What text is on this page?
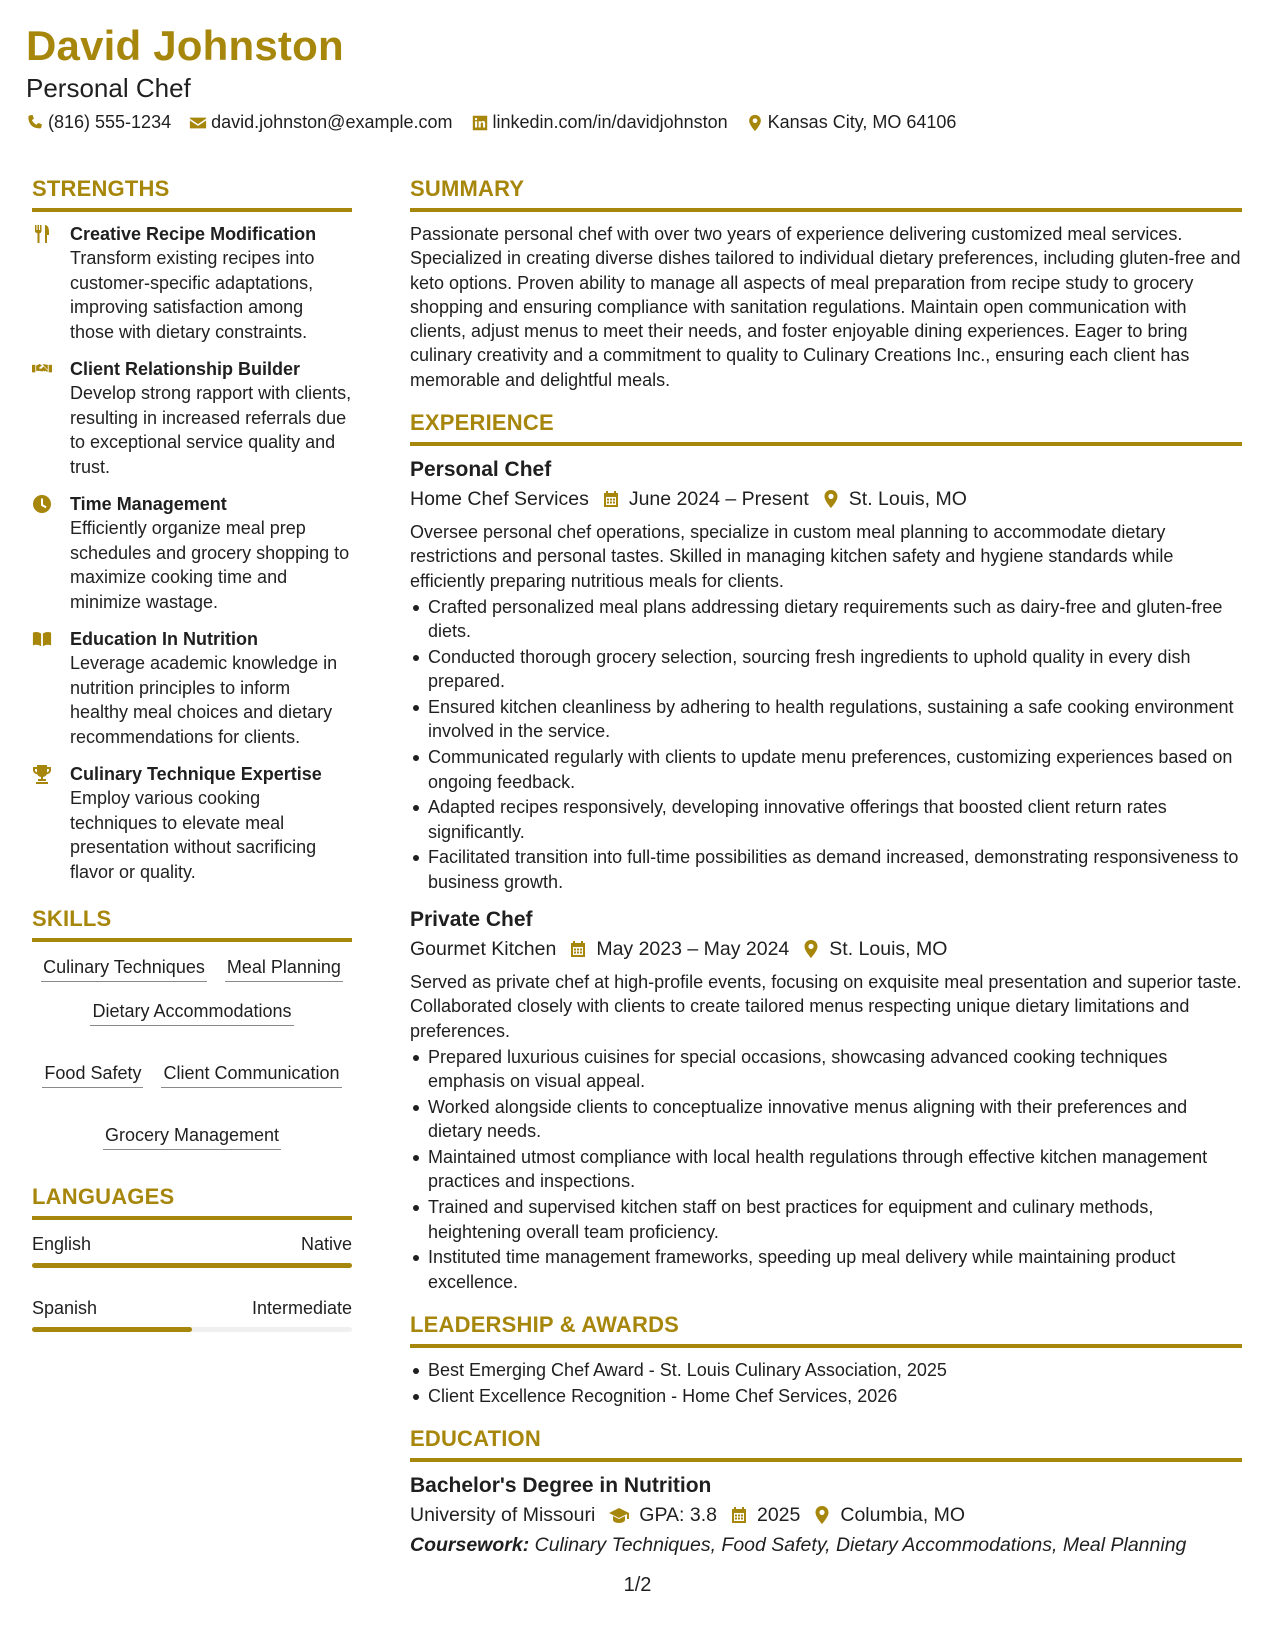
David Johnston
Personal Chef
(816) 555-1234 david.johnston@example.com linkedin.com/in/davidjohnston Kansas City, MO 64106
STRENGTHS
Creative Recipe Modification
Transform existing recipes into customer-specific adaptations, improving satisfaction among those with dietary constraints.
Client Relationship Builder
Develop strong rapport with clients, resulting in increased referrals due to exceptional service quality and trust.
Time Management
Efficiently organize meal prep schedules and grocery shopping to maximize cooking time and minimize wastage.
Education In Nutrition
Leverage academic knowledge in nutrition principles to inform healthy meal choices and dietary recommendations for clients.
Culinary Technique Expertise
Employ various cooking techniques to elevate meal presentation without sacrificing flavor or quality.
SKILLS
Culinary Techniques Meal Planning
Dietary Accommodations
Food Safety Client Communication
Grocery Management
LANGUAGES
English	Native
Spanish	Intermediate
SUMMARY
Passionate personal chef with over two years of experience delivering customized meal services. Specialized in creating diverse dishes tailored to individual dietary preferences, including gluten-free and keto options. Proven ability to manage all aspects of meal preparation from recipe study to grocery shopping and ensuring compliance with sanitation regulations. Maintain open communication with clients, adjust menus to meet their needs, and foster enjoyable dining experiences. Eager to bring culinary creativity and a commitment to quality to Culinary Creations Inc., ensuring each client has memorable and delightful meals.
EXPERIENCE
Personal Chef
Home Chef Services June 2024 – Present St. Louis, MO
Oversee personal chef operations, specialize in custom meal planning to accommodate dietary restrictions and personal tastes. Skilled in managing kitchen safety and hygiene standards while efficiently preparing nutritious meals for clients.
Crafted personalized meal plans addressing dietary requirements such as dairy-free and gluten-free diets.
Conducted thorough grocery selection, sourcing fresh ingredients to uphold quality in every dish prepared.
Ensured kitchen cleanliness by adhering to health regulations, sustaining a safe cooking environment involved in the service.
Communicated regularly with clients to update menu preferences, customizing experiences based on ongoing feedback.
Adapted recipes responsively, developing innovative offerings that boosted client return rates significantly.
Facilitated transition into full-time possibilities as demand increased, demonstrating responsiveness to business growth.
Private Chef
Gourmet Kitchen May 2023 – May 2024 St. Louis, MO
Served as private chef at high-profile events, focusing on exquisite meal presentation and superior taste. Collaborated closely with clients to create tailored menus respecting unique dietary limitations and preferences.
Prepared luxurious cuisines for special occasions, showcasing advanced cooking techniques emphasis on visual appeal.
Worked alongside clients to conceptualize innovative menus aligning with their preferences and dietary needs.
Maintained utmost compliance with local health regulations through effective kitchen management practices and inspections.
Trained and supervised kitchen staff on best practices for equipment and culinary methods, heightening overall team proficiency.
Instituted time management frameworks, speeding up meal delivery while maintaining product excellence.
LEADERSHIP & AWARDS
Best Emerging Chef Award - St. Louis Culinary Association, 2025
Client Excellence Recognition - Home Chef Services, 2026
EDUCATION
Bachelor's Degree in Nutrition
University of Missouri GPA: 3.8 2025 Columbia, MO
Coursework: Culinary Techniques, Food Safety, Dietary Accommodations, Meal Planning
1/2
